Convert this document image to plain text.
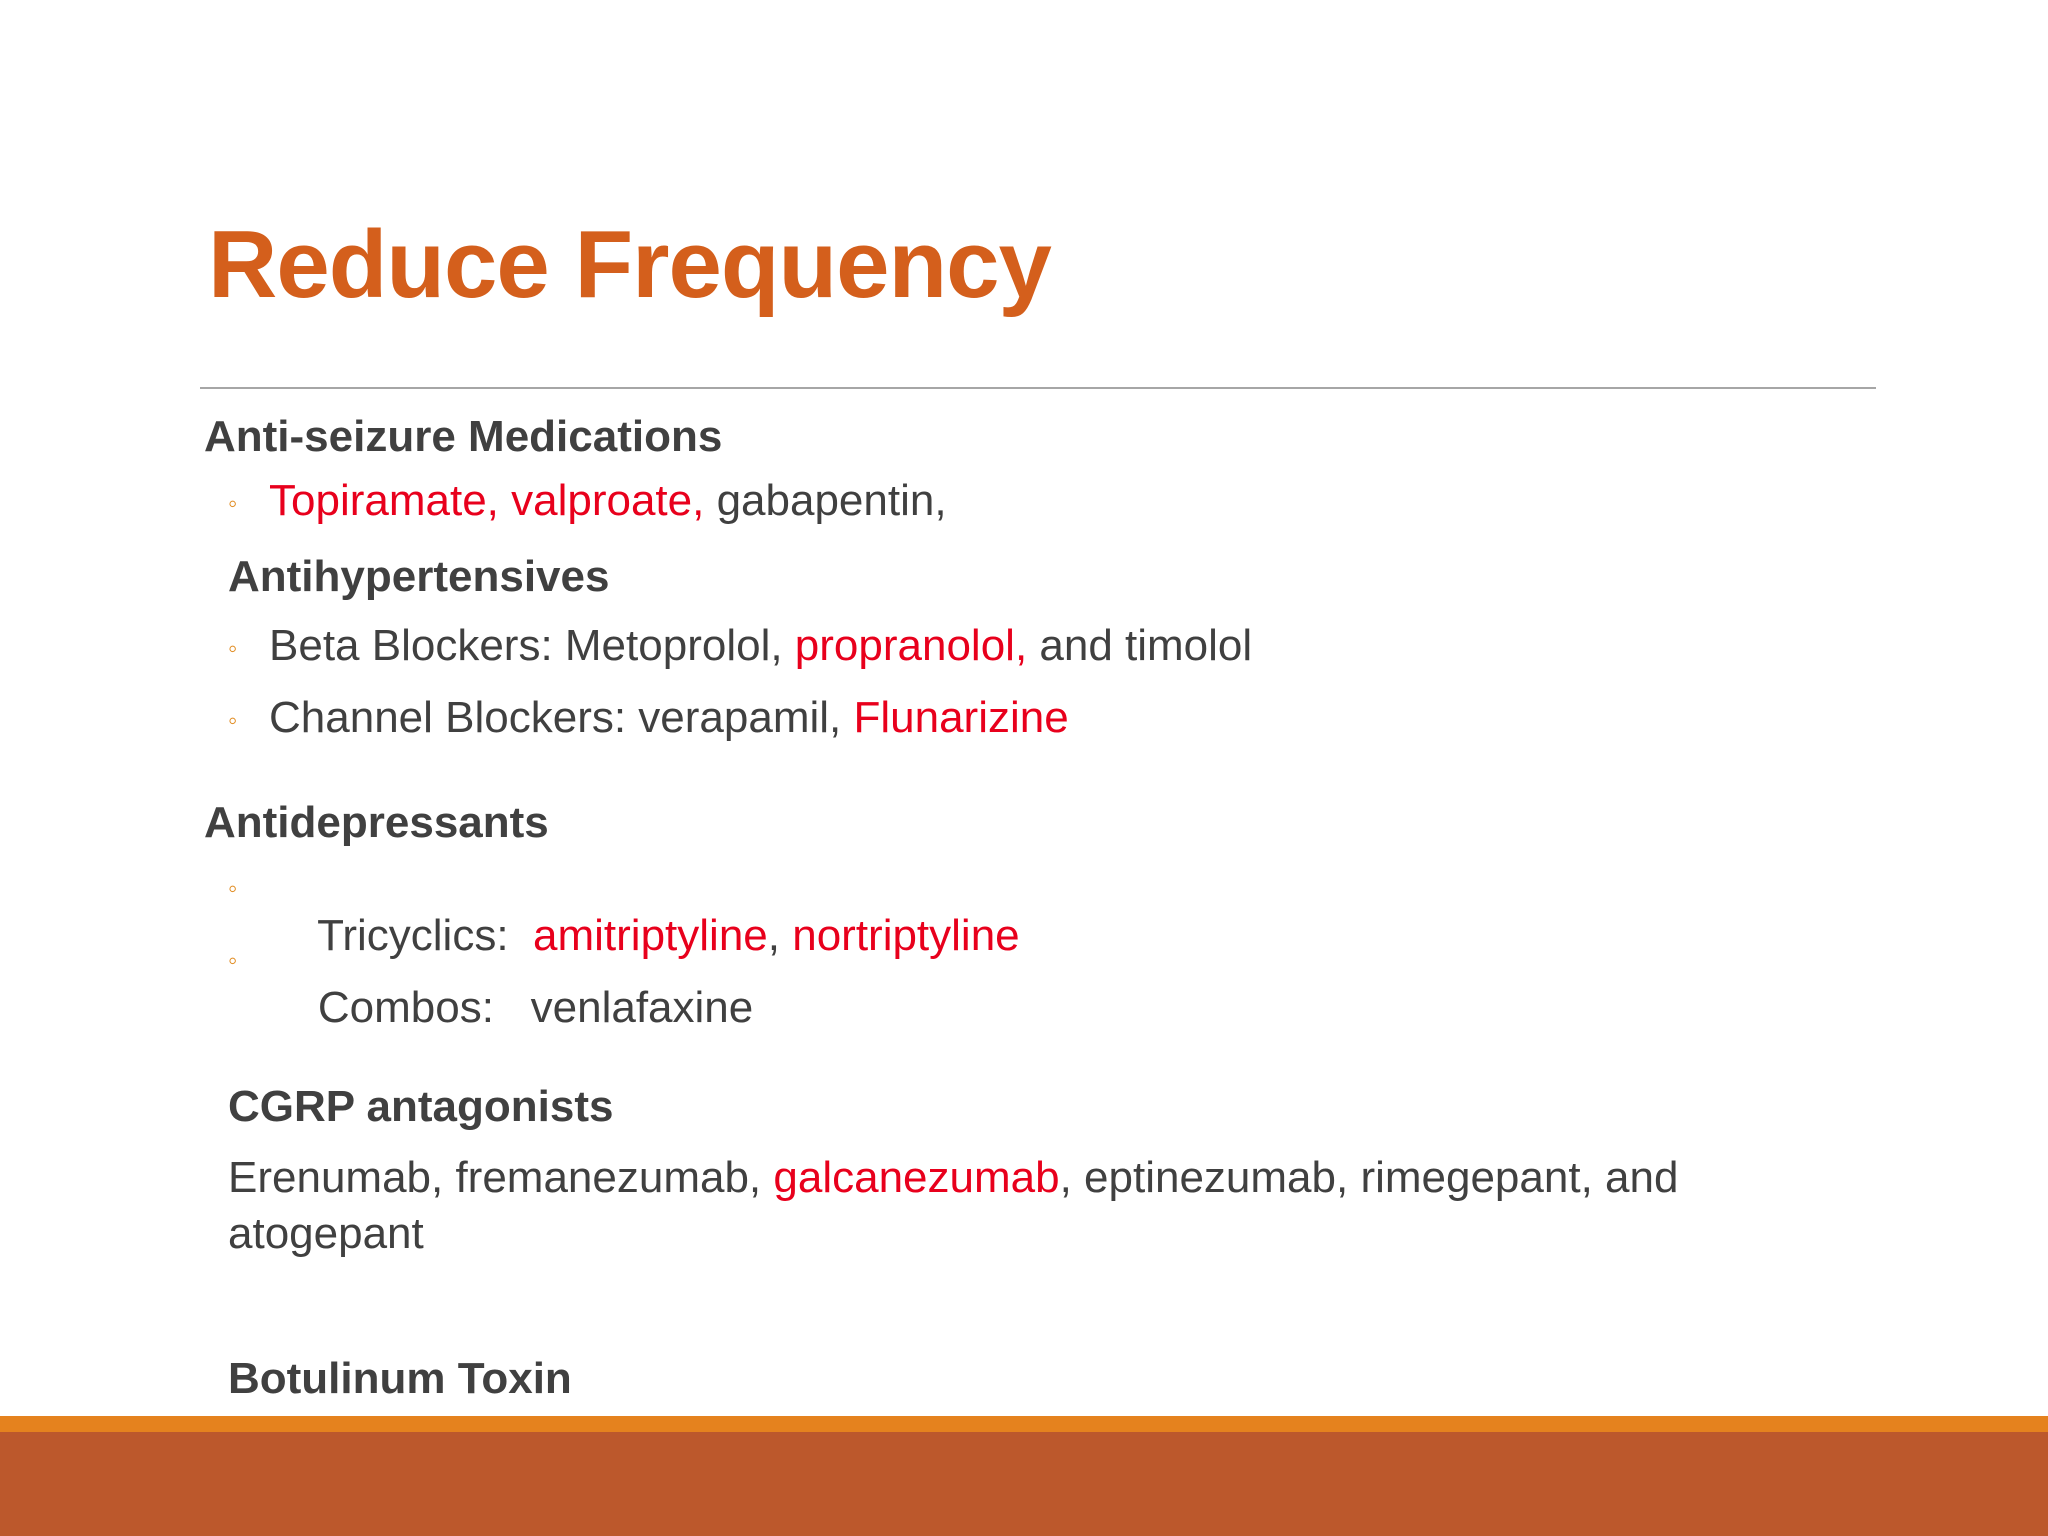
Reduce Frequency
Anti-seizure Medications
◦ Topiramate, valproate, gabapentin,
Antihypertensives
◦ Beta Blockers: Metoprolol, propranolol, and timolol
◦ Channel Blockers: verapamil, Flunarizine
Antidepressants
◦

Tricyclics:  amitriptyline, nortriptyline

◦

Combos:   venlafaxine

CGRP antagonists
Erenumab, fremanezumab, galcanezumab, eptinezumab, rimegepant, and atogepant
Botulinum Toxin
